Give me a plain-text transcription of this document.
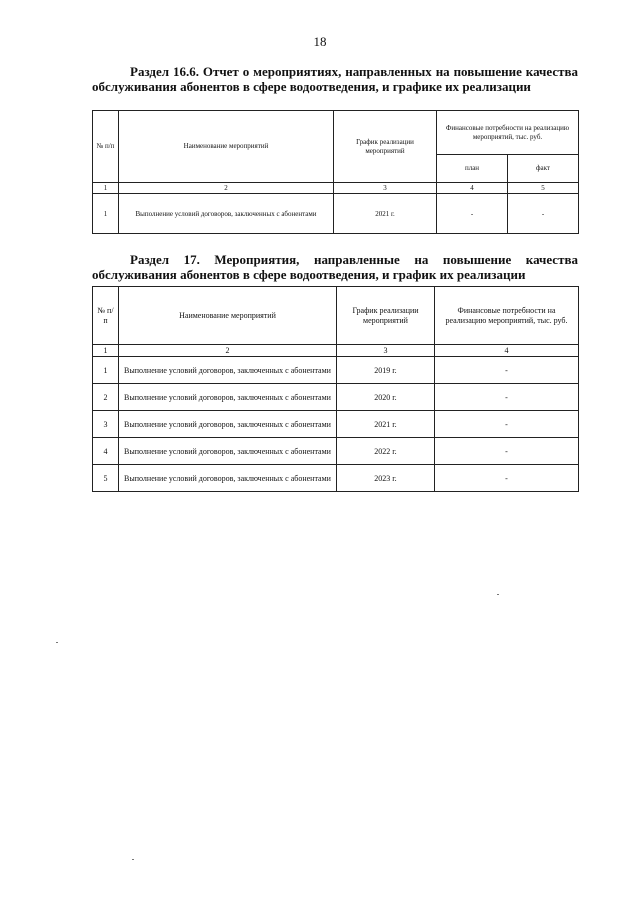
18
Раздел 16.6. Отчет о мероприятиях, направленных на повышение качества обслуживания абонентов в сфере водоотведения, и графике их реализации
№ п/п	Наименование мероприятий	График реализации мероприятий	Финансовые потребности на реализацию мероприятий, тыс. руб.	
			план	факт
1	2	3	4	5
1	Выполнение условий договоров, заключенных с абонентами	2021 г.	-	-
Раздел 17. Мероприятия, направленные на повышение качества обслуживания абонентов в сфере водоотведения, и график их реализации
№ п/п	Наименование мероприятий	График реализации мероприятий	Финансовые потребности на реализацию мероприятий, тыс. руб.
1	2	3	4
1	Выполнение условий договоров, заключенных с абонентами	2019 г.	-
2	Выполнение условий договоров, заключенных с абонентами	2020 г.	-
3	Выполнение условий договоров, заключенных с абонентами	2021 г.	-
4	Выполнение условий договоров, заключенных с абонентами	2022 г.	-
5	Выполнение условий договоров, заключенных с абонентами	2023 г.	-
